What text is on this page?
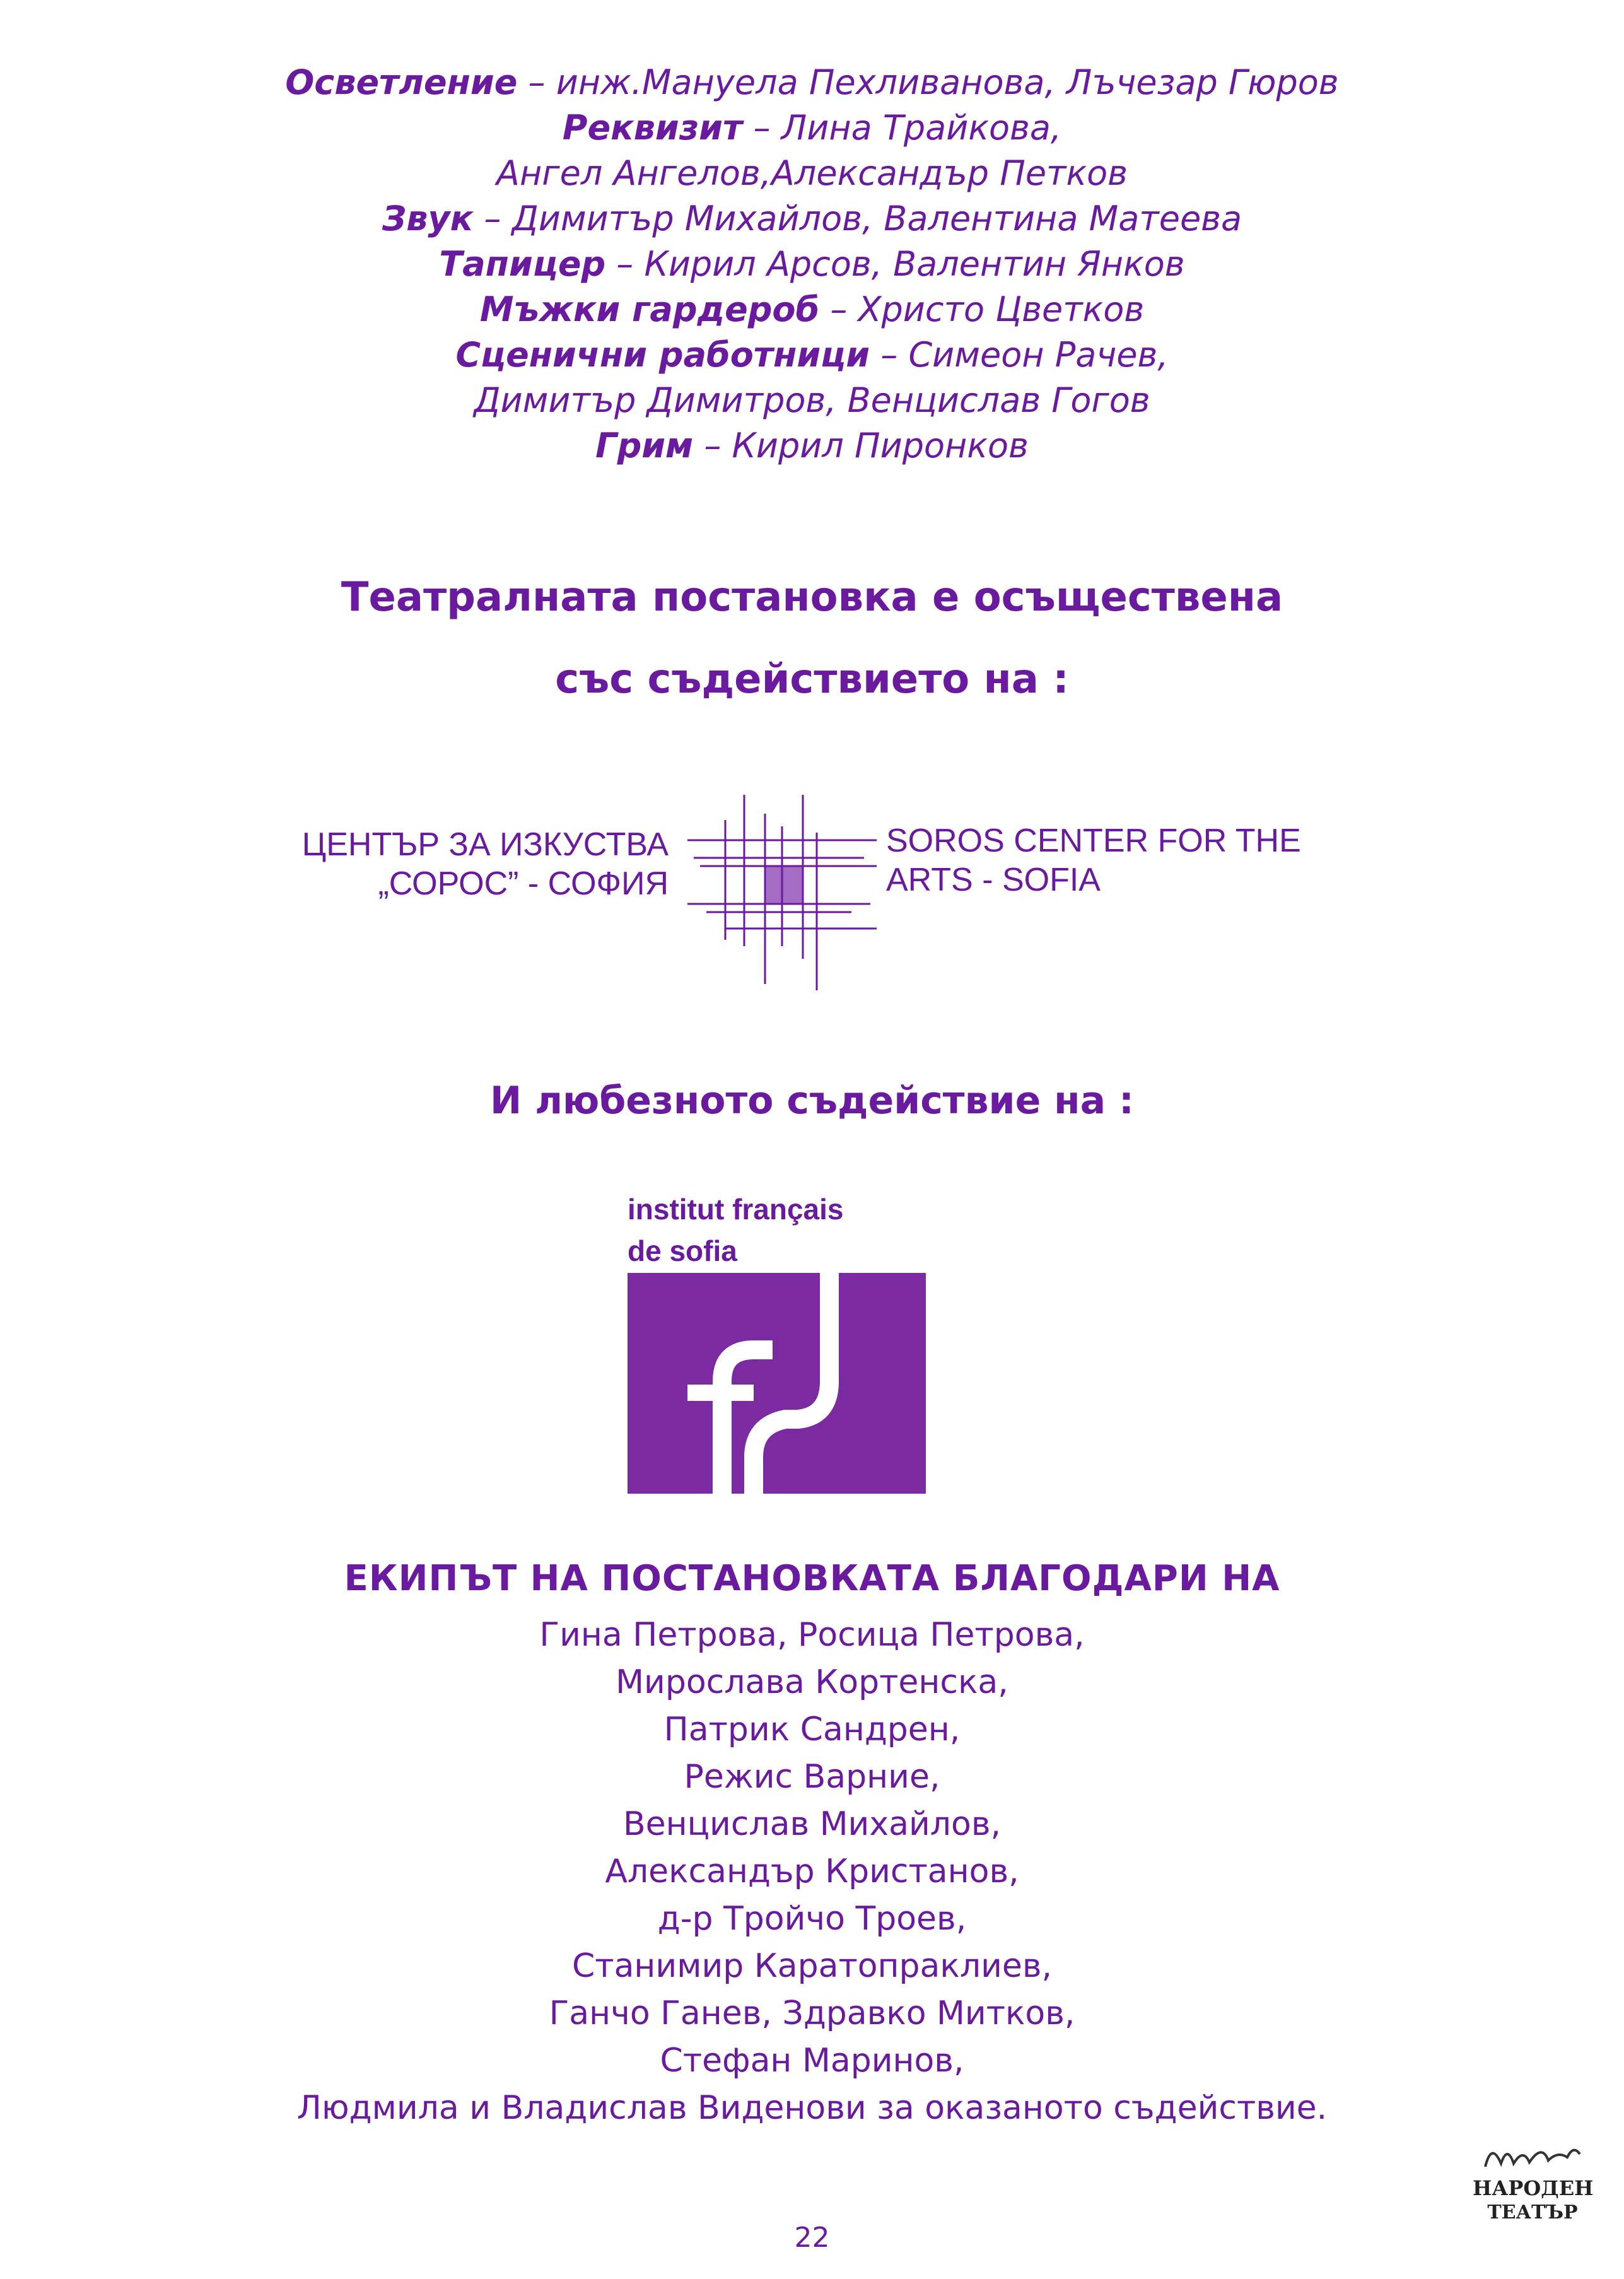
Осветление – инж.Мануела Пехливанова, Лъчезар Гюров
Реквизит – Лина Трайкова,
Ангел Ангелов,Александър Петков
Звук – Димитър Михайлов, Валентина Матеева
Тапицер – Кирил Арсов, Валентин Янков
Мъжки гардероб – Христо Цветков
Сценични работници – Симеон Рачев,
Димитър Димитров, Венцислав Гогов
Грим – Кирил Пиронков
Театралната постановка е осъществена
със съдействието на :
ЦЕНТЪР ЗА ИЗКУСТВА
„СОРОС” - СОФИЯ
SOROS CENTER FOR THE
ARTS - SOFIA
И любезното съдействие на :
institut français
de sofia
ЕКИПЪТ НА ПОСТАНОВКАТА БЛАГОДАРИ НА
Гина Петрова, Росица Петрова,
Мирослава Кортенска,
Патрик Сандрен,
Режис Варние,
Венцислав Михайлов,
Александър Кристанов,
д-р Тройчо Троев,
Станимир Каратопраклиев,
Ганчо Ганев, Здравко Митков,
Стефан Маринов,
Людмила и Владислав Виденови за оказаното съдействие.
22
НАРОДЕН
ТЕАТЪР
